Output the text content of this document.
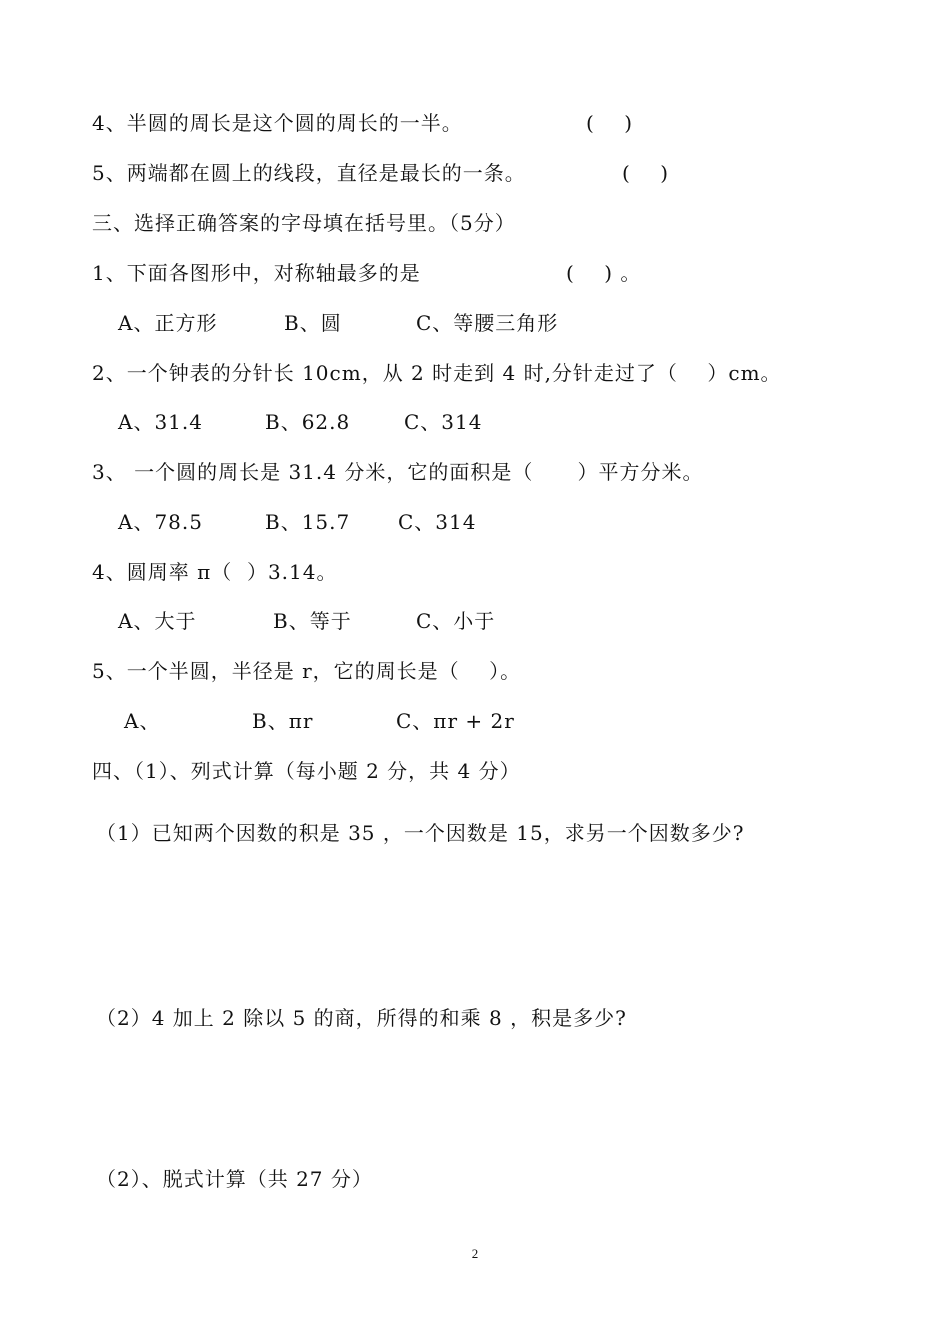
4、半圆的周长是这个圆的周长的一半。	(    )
5、两端都在圆上的线段，直径是最长的一条。	(    )
三、选择正确答案的字母填在括号里。（5分）
1、下面各图形中，对称轴最多的是	(    ) 。
A、正方形	B、圆	C、等腰三角形
2、一个钟表的分针长 10cm，从 2 时走到 4 时,分针走过了（    ）cm。
A、31.4	B、62.8	C、314
3、 一个圆的周长是 31.4 分米，它的面积是（      ）平方分米。
A、78.5	B、15.7 C、314
4、圆周率 π（  ）3.14。
A、大于	B、等于	C、小于
5、一个半圆，半径是 r，它的周长是（    ）。
A、	B、πr	C、πr + 2r
四、（1）、列式计算（每小题 2 分，共 4 分）
（1）已知两个因数的积是 35 ，一个因数是 15，求另一个因数多少?
（2）4 加上 2 除以 5 的商，所得的和乘 8 ，积是多少?
（2）、脱式计算（共 27 分）
2
